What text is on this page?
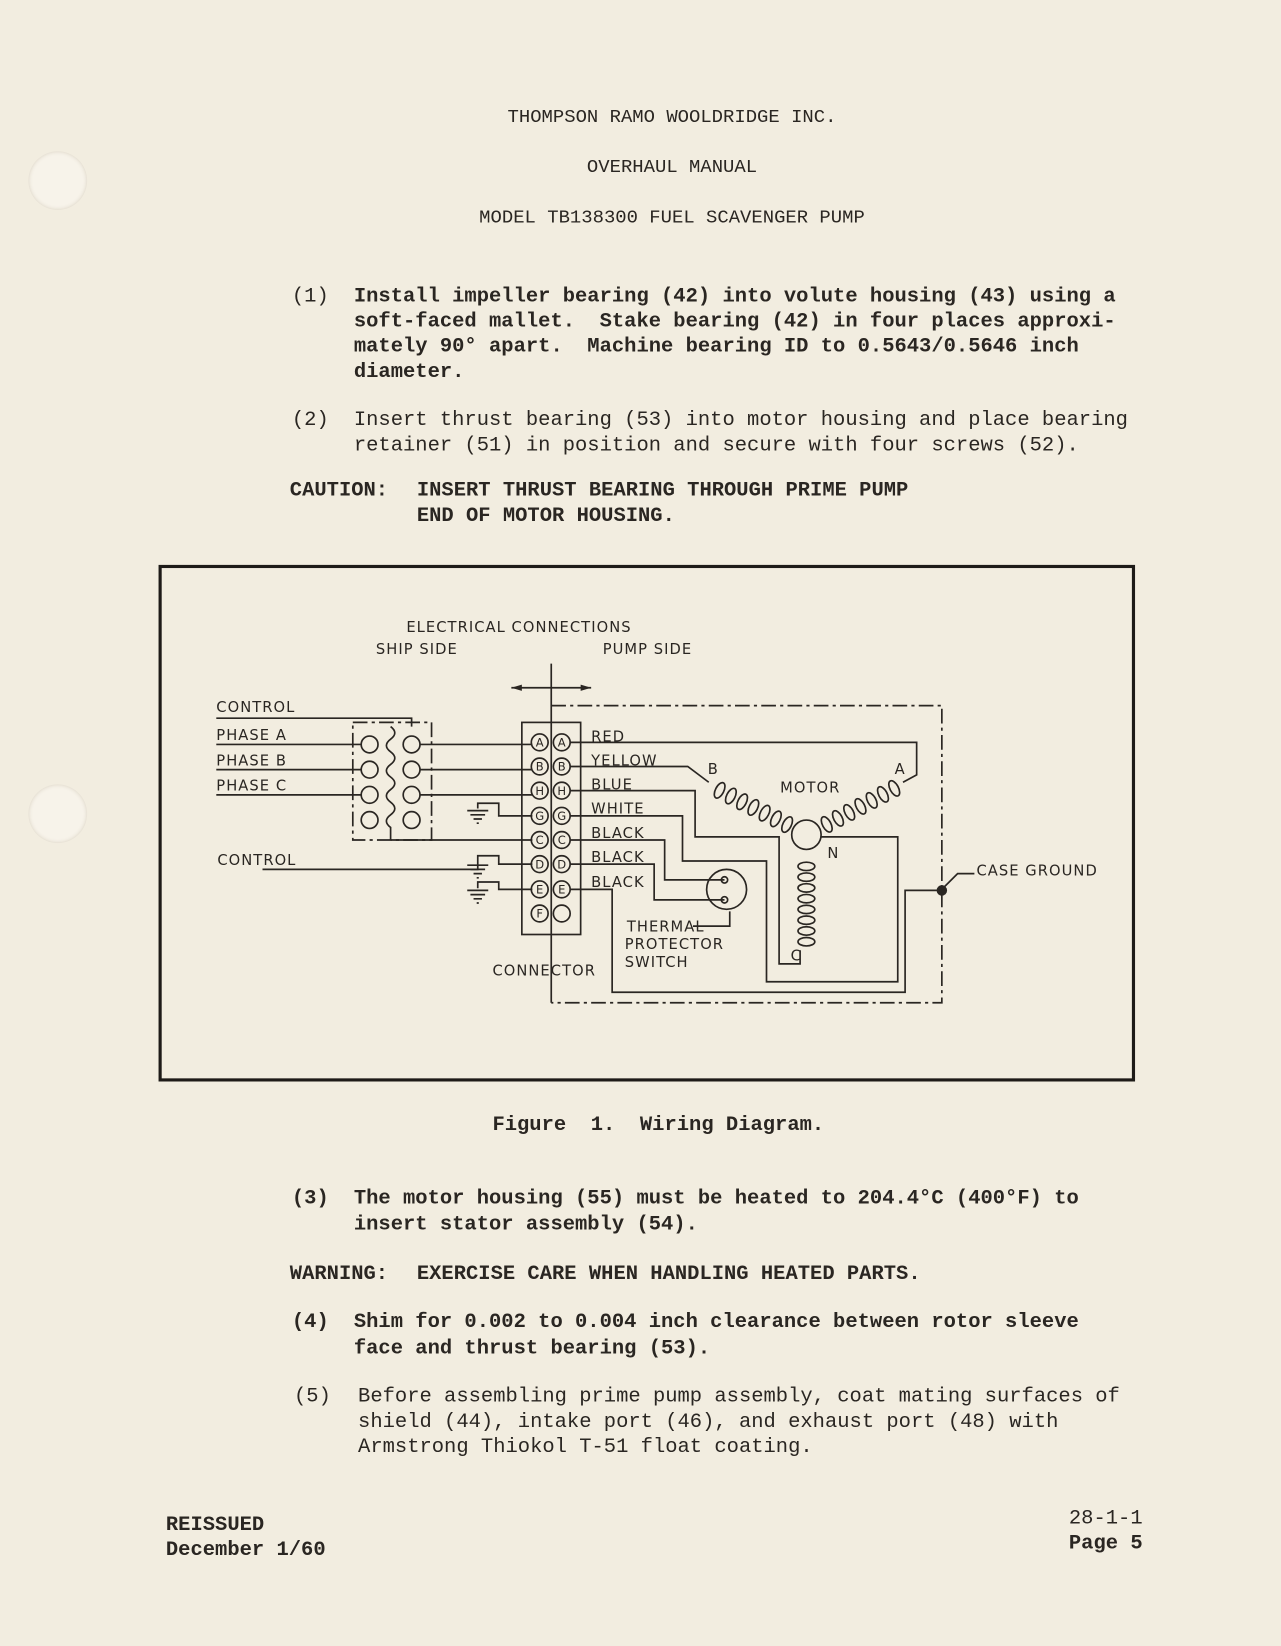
THOMPSON RAMO WOOLDRIDGE INC.
OVERHAUL MANUAL
MODEL TB138300 FUEL SCAVENGER PUMP
(1) Install impeller bearing (42) into volute housing (43) using a
soft-faced mallet.  Stake bearing (42) in four places approxi-
mately 90° apart.  Machine bearing ID to 0.5643/0.5646 inch
diameter.
(2) Insert thrust bearing (53) into motor housing and place bearing
retainer (51) in position and secure with four screws (52).
CAUTION: INSERT THRUST BEARING THROUGH PRIME PUMP
END OF MOTOR HOUSING.
ELECTRICAL CONNECTIONS
SHIP SIDE	PUMP SIDE
CONTROL
PHASE A
PHASE B
PHASE C
CONTROL
A A
B B
H H
G G
C C
D D
E E
F
RED
YELLOW
BLUE
WHITE
BLACK
BLACK
BLACK
MOTOR
A
B
C
N
THERMAL
PROTECTOR
SWITCH
CONNECTOR
CASE GROUND
Figure  1.  Wiring Diagram.
(3) The motor housing (55) must be heated to 204.4°C (400°F) to
insert stator assembly (54).
WARNING: EXERCISE CARE WHEN HANDLING HEATED PARTS.
(4) Shim for 0.002 to 0.004 inch clearance between rotor sleeve
face and thrust bearing (53).
(5) Before assembling prime pump assembly, coat mating surfaces of
shield (44), intake port (46), and exhaust port (48) with
Armstrong Thiokol T-51 float coating.
REISSUED
December 1/60
28-1-1
Page 5
